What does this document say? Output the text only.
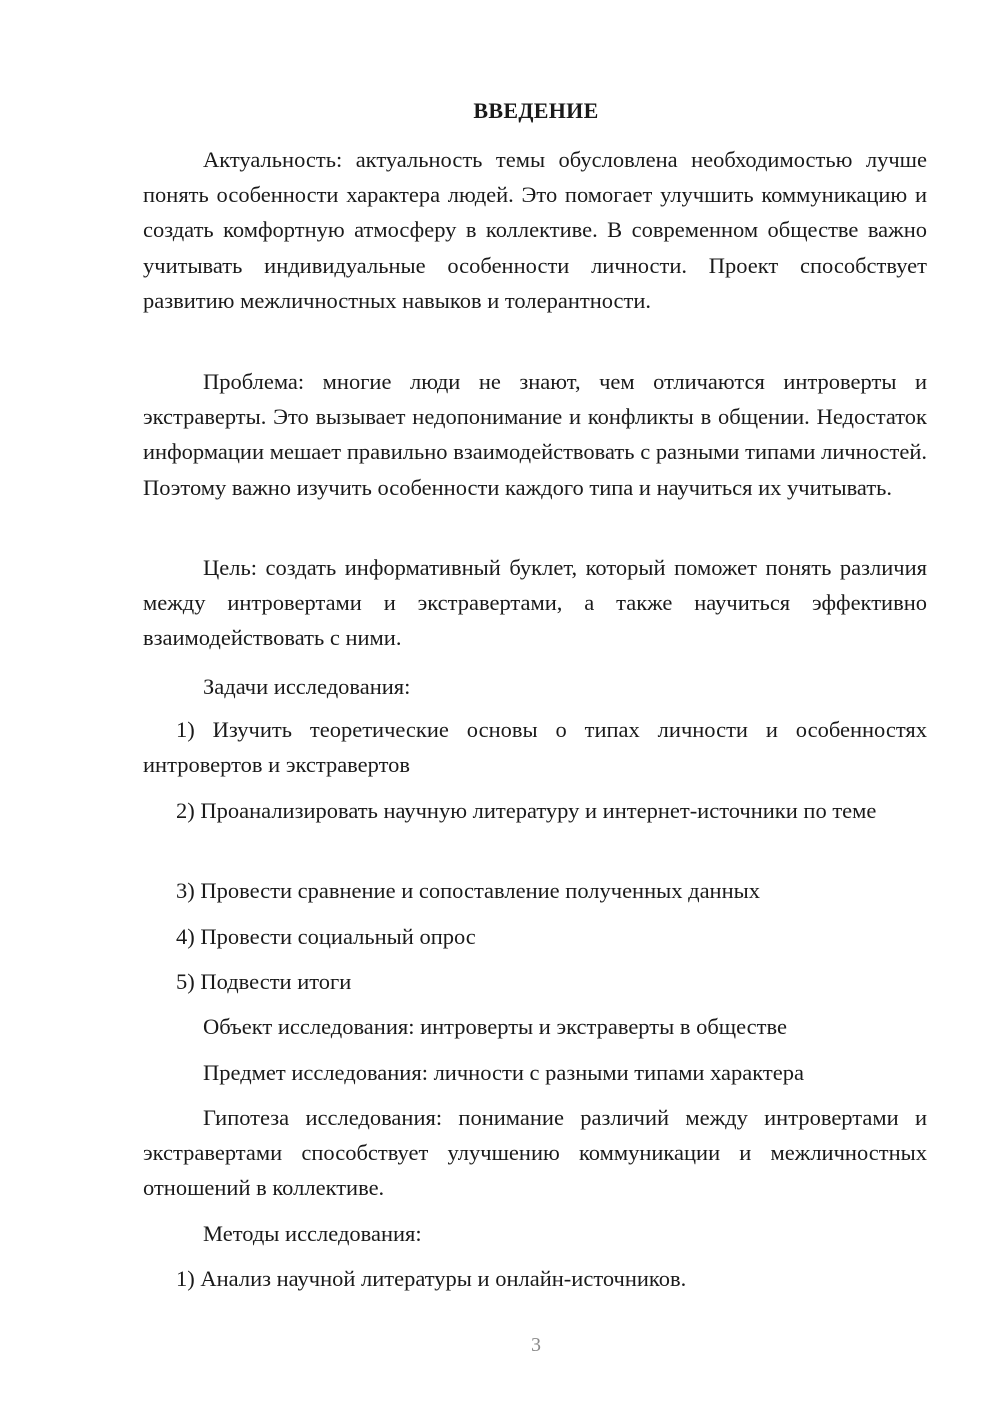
ВВЕДЕНИЕ

Актуальность: актуальность темы обусловлена необходимостью лучше понять особенности характера людей. Это помогает улучшить коммуникацию и создать комфортную атмосферу в коллективе. В современном обществе важно учитывать индивидуальные особенности личности. Проект способствует развитию межличностных навыков и толерантности.

Проблема: многие люди не знают, чем отличаются интроверты и экстраверты. Это вызывает недопонимание и конфликты в общении. Недостаток информации мешает правильно взаимодействовать с разными типами личностей. Поэтому важно изучить особенности каждого типа и научиться их учитывать.

Цель: создать информативный буклет, который поможет понять различия между интровертами и экстравертами, а также научиться эффективно взаимодействовать с ними.

Задачи исследования:

1) Изучить теоретические основы о типах личности и особенностях интровертов и экстравертов

2) Проанализировать научную литературу и интернет-источники по теме

3) Провести сравнение и сопоставление полученных данных
4) Провести социальный опрос
5) Подвести итоги
Объект исследования: интроверты и экстраверты в обществе
Предмет исследования: личности с разными типами характера

Гипотеза исследования: понимание различий между интровертами и экстравертами способствует улучшению коммуникации и межличностных отношений в коллективе.

Методы исследования:
1) Анализ научной литературы и онлайн-источников.
3
